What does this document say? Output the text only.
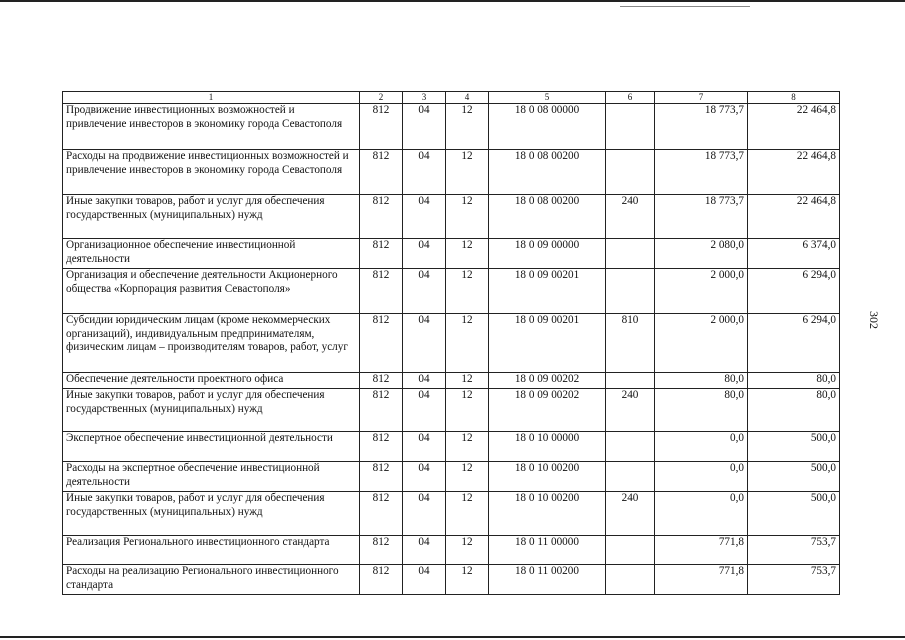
302
1	2	3	4	5	6	7	8
Продвижение инвестиционных возможностей и привлечение инвесторов в экономику города Севастополя	812	04	12	18 0 08 00000		18 773,7	22 464,8
Расходы на продвижение инвестиционных возможностей и привлечение инвесторов в экономику города Севастополя	812	04	12	18 0 08 00200		18 773,7	22 464,8
Иные закупки товаров, работ и услуг для обеспечения государственных (муниципальных) нужд	812	04	12	18 0 08 00200	240	18 773,7	22 464,8
Организационное обеспечение инвестиционной деятельности	812	04	12	18 0 09 00000		2 080,0	6 374,0
Организация и обеспечение деятельности Акционерного общества «Корпорация развития Севастополя»	812	04	12	18 0 09 00201		2 000,0	6 294,0
Субсидии юридическим лицам (кроме некоммерческих организаций), индивидуальным предпринимателям, физическим лицам – производителям товаров, работ, услуг	812	04	12	18 0 09 00201	810	2 000,0	6 294,0
Обеспечение деятельности проектного офиса	812	04	12	18 0 09 00202		80,0	80,0
Иные закупки товаров, работ и услуг для обеспечения государственных (муниципальных) нужд	812	04	12	18 0 09 00202	240	80,0	80,0
Экспертное обеспечение инвестиционной деятельности	812	04	12	18 0 10 00000		0,0	500,0
Расходы на экспертное обеспечение инвестиционной деятельности	812	04	12	18 0 10 00200		0,0	500,0
Иные закупки товаров, работ и услуг для обеспечения государственных (муниципальных) нужд	812	04	12	18 0 10 00200	240	0,0	500,0
Реализация Регионального инвестиционного стандарта	812	04	12	18 0 11 00000		771,8	753,7
Расходы на реализацию Регионального инвестиционного стандарта	812	04	12	18 0 11 00200		771,8	753,7
